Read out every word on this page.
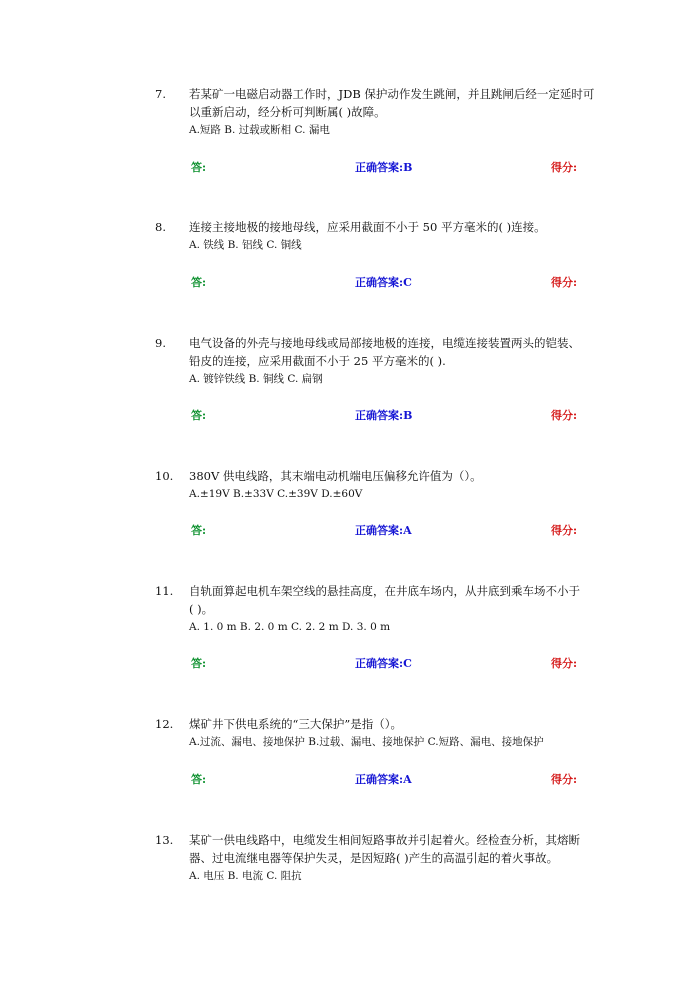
7. 若某矿一电磁启动器工作时，JDB 保护动作发生跳闸，并且跳闸后经一定延时可
以重新启动，经分析可判断属( )故障。
A.短路 B. 过载或断相 C. 漏电
答:	正确答案:B	得分:
8. 连接主接地极的接地母线，应采用截面不小于 50 平方毫米的( )连接。
A. 铁线 B. 铝线 C. 铜线
答:	正确答案:C	得分:
9. 电气设备的外壳与接地母线或局部接地极的连接，电缆连接装置两头的铠装、
铅皮的连接，应采用截面不小于 25 平方毫米的( ).
A. 镀锌铁线 B. 铜线 C. 扁钢
答:	正确答案:B	得分:
10. 380V 供电线路，其末端电动机端电压偏移允许值为（）。
A.±19V B.±33V C.±39V D.±60V
答:	正确答案:A	得分:
11. 自轨面算起电机车架空线的悬挂高度，在井底车场内，从井底到乘车场不小于
( )。
A. 1. 0 m B. 2. 0 m C. 2. 2 m D. 3. 0 m
答:	正确答案:C	得分:
12. 煤矿井下供电系统的“三大保护”是指（）。
A.过流、漏电、接地保护 B.过载、漏电、接地保护 C.短路、漏电、接地保护
答:	正确答案:A	得分:
13. 某矿一供电线路中，电缆发生相间短路事故并引起着火。经检查分析，其熔断
器、过电流继电器等保护失灵，是因短路( )产生的高温引起的着火事故。
A. 电压 B. 电流 C. 阻抗
